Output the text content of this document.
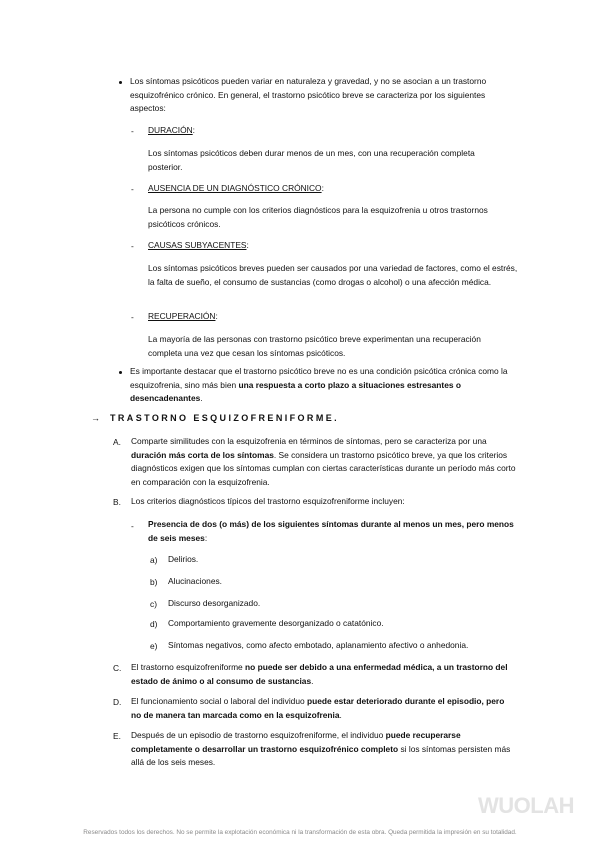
Los síntomas psicóticos pueden variar en naturaleza y gravedad, y no se asocian a un trastorno esquizofrénico crónico. En general, el trastorno psicótico breve se caracteriza por los siguientes aspectos:
- DURACIÓN:
Los síntomas psicóticos deben durar menos de un mes, con una recuperación completa posterior.
- AUSENCIA DE UN DIAGNÓSTICO CRÓNICO:
La persona no cumple con los criterios diagnósticos para la esquizofrenia u otros trastornos psicóticos crónicos.
- CAUSAS SUBYACENTES:
Los síntomas psicóticos breves pueden ser causados por una variedad de factores, como el estrés, la falta de sueño, el consumo de sustancias (como drogas o alcohol) o una afección médica.
- RECUPERACIÓN:
La mayoría de las personas con trastorno psicótico breve experimentan una recuperación completa una vez que cesan los síntomas psicóticos.
Es importante destacar que el trastorno psicótico breve no es una condición psicótica crónica como la esquizofrenia, sino más bien una respuesta a corto plazo a situaciones estresantes o desencadenantes.
→ TRASTORNO ESQUIZOFRENIFORME.
A. Comparte similitudes con la esquizofrenia en términos de síntomas, pero se caracteriza por una duración más corta de los síntomas. Se considera un trastorno psicótico breve, ya que los criterios diagnósticos exigen que los síntomas cumplan con ciertas características durante un período más corto en comparación con la esquizofrenia.
B. Los criterios diagnósticos típicos del trastorno esquizofreniforme incluyen:
- Presencia de dos (o más) de los siguientes síntomas durante al menos un mes, pero menos de seis meses:
a) Delirios.
b) Alucinaciones.
c) Discurso desorganizado.
d) Comportamiento gravemente desorganizado o catatónico.
e) Síntomas negativos, como afecto embotado, aplanamiento afectivo o anhedonia.
C. El trastorno esquizofreniforme no puede ser debido a una enfermedad médica, a un trastorno del estado de ánimo o al consumo de sustancias.
D. El funcionamiento social o laboral del individuo puede estar deteriorado durante el episodio, pero no de manera tan marcada como en la esquizofrenia.
E. Después de un episodio de trastorno esquizofreniforme, el individuo puede recuperarse completamente o desarrollar un trastorno esquizofrénico completo si los síntomas persisten más allá de los seis meses.
WUOLAH
Reservados todos los derechos. No se permite la explotación económica ni la transformación de esta obra. Queda permitida la impresión en su totalidad.
